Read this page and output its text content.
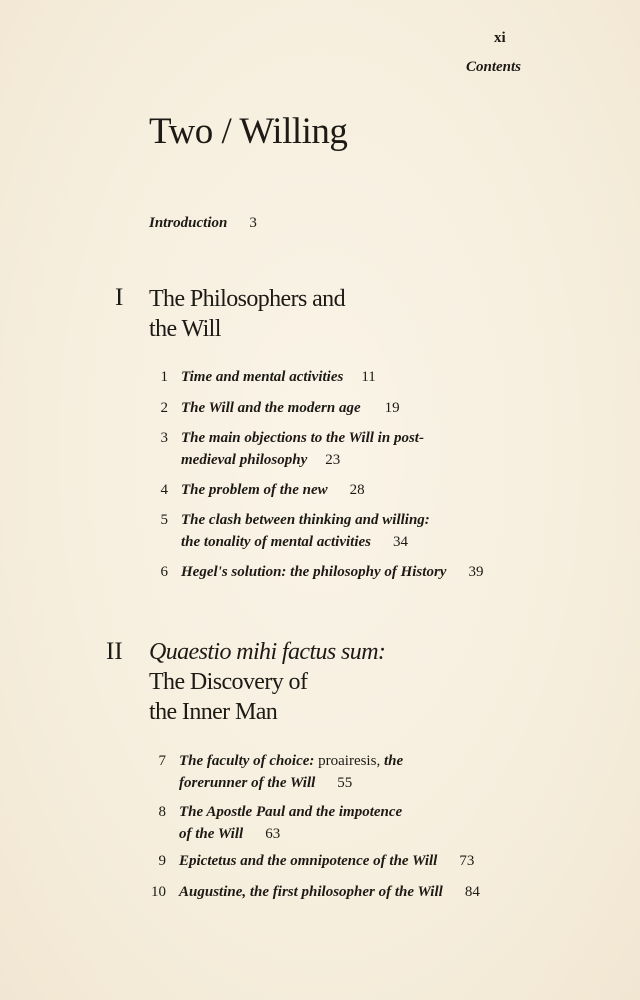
xi
Contents
Two / Willing
Introduction 3
I The Philosophers and
the Will
1 Time and mental activities 11
2 The Will and the modern age 19
3 The main objections to the Will in post-
medieval philosophy 23
4 The problem of the new 28
5 The clash between thinking and willing:
the tonality of mental activities 34
6 Hegel's solution: the philosophy of History 39
II Quaestio mihi factus sum:
The Discovery of
the Inner Man
7 The faculty of choice: proairesis, the
forerunner of the Will 55
8 The Apostle Paul and the impotence
of the Will 63
9 Epictetus and the omnipotence of the Will 73
10 Augustine, the first philosopher of the Will 84
